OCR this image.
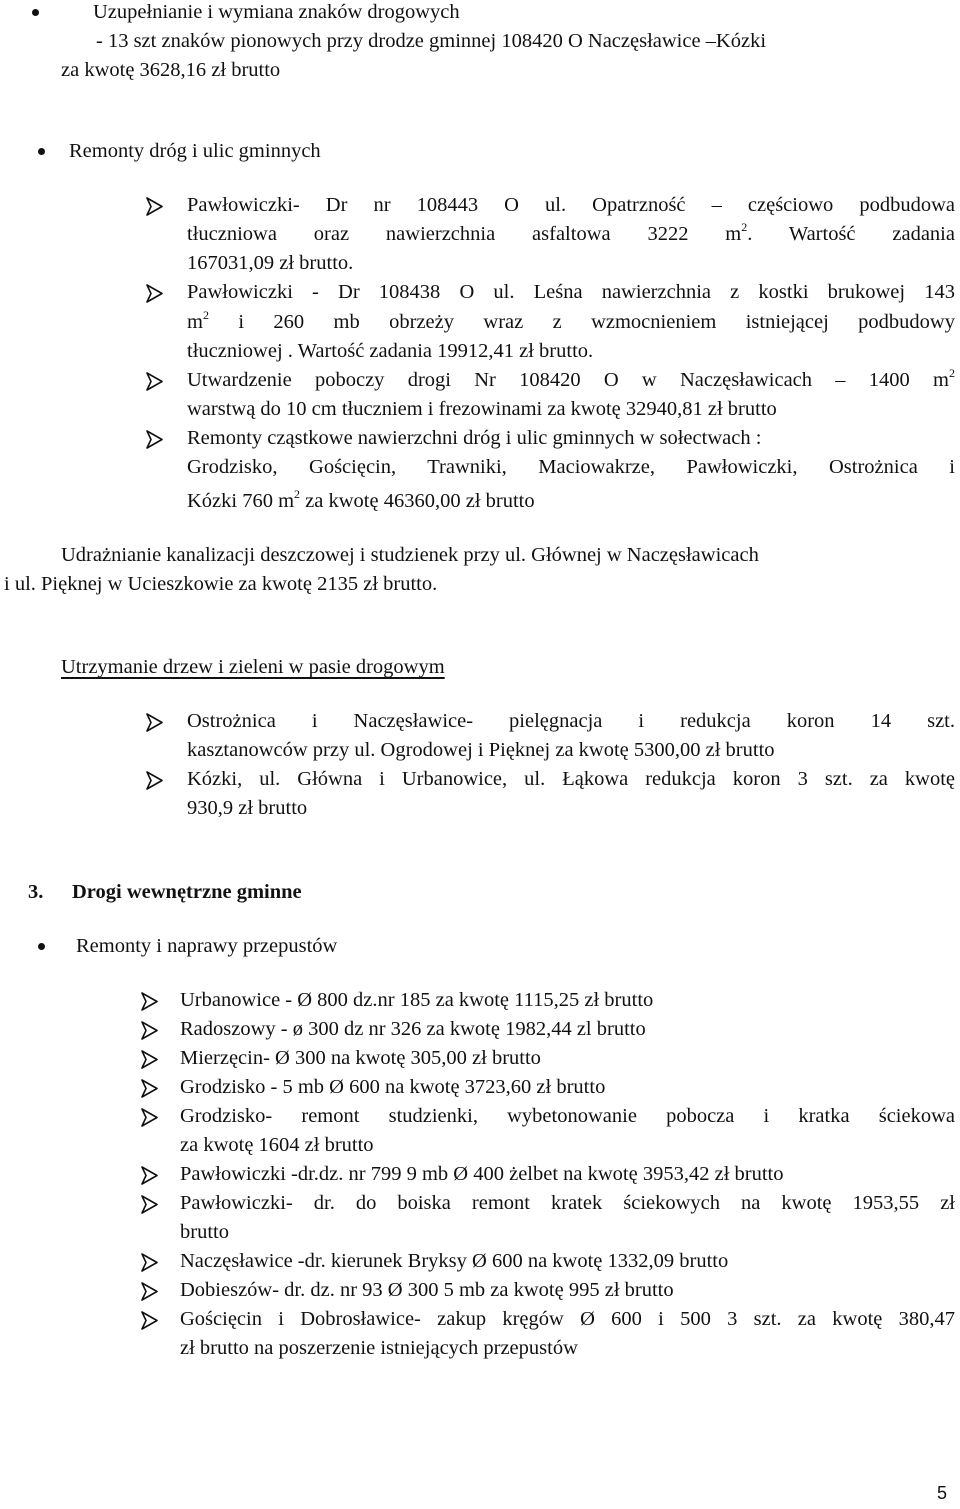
Uzupełnianie i wymiana znaków drogowych
- 13 szt znaków pionowych przy drodze gminnej 108420 O Naczęsławice –Kózki
za kwotę 3628,16 zł brutto
Remonty dróg i ulic gminnych
Pawłowiczki- Dr nr 108443 O ul. Opatrzność – częściowo podbudowa
tłuczniowa oraz nawierzchnia asfaltowa 3222 $m^2$. Wartość zadania
167031,09 zł brutto.
Pawłowiczki - Dr 108438 O ul. Leśna nawierzchnia z kostki brukowej 143
$m^2$ i 260 mb obrzeży wraz z wzmocnieniem istniejącej podbudowy
tłuczniowej . Wartość zadania 19912,41 zł brutto.
Utwardzenie poboczy drogi Nr 108420 O w Naczęsławicach – 1400 $m^2$
warstwą do 10 cm tłuczniem i frezowinami za kwotę 32940,81 zł brutto
Remonty cząstkowe nawierzchni dróg i ulic gminnych w sołectwach :
Grodzisko, Gościęcin, Trawniki, Maciowakrze, Pawłowiczki, Ostrożnica i
Kózki 760 $m^2$ za kwotę 46360,00 zł brutto
Udrażnianie kanalizacji deszczowej i studzienek przy ul. Głównej w Naczęsławicach
i ul. Pięknej w Ucieszkowie za kwotę 2135 zł brutto.
Utrzymanie drzew i zieleni w pasie drogowym
Ostrożnica i Naczęsławice- pielęgnacja i redukcja koron 14 szt.
kasztanowców przy ul. Ogrodowej i Pięknej za kwotę 5300,00 zł brutto
Kózki, ul. Główna i Urbanowice, ul. Łąkowa redukcja koron 3 szt. za kwotę
930,9 zł brutto
3. Drogi wewnętrzne gminne
Remonty i naprawy przepustów
Urbanowice - Ø 800 dz.nr 185 za kwotę 1115,25 zł brutto
Radoszowy - ø 300 dz nr 326 za kwotę 1982,44 zl brutto
Mierzęcin- Ø 300 na kwotę 305,00 zł brutto
Grodzisko - 5 mb Ø 600 na kwotę 3723,60 zł brutto
Grodzisko- remont studzienki, wybetonowanie pobocza i kratka ściekowa
za kwotę 1604 zł brutto
Pawłowiczki -dr.dz. nr 799 9 mb Ø 400 żelbet na kwotę 3953,42 zł brutto
Pawłowiczki- dr. do boiska remont kratek ściekowych na kwotę 1953,55 zł
brutto
Naczęsławice -dr. kierunek Bryksy Ø 600 na kwotę 1332,09 brutto
Dobieszów- dr. dz. nr 93 Ø 300 5 mb za kwotę 995 zł brutto
Gościęcin i Dobrosławice- zakup kręgów Ø 600 i 500 3 szt. za kwotę 380,47
zł brutto na poszerzenie istniejących przepustów
5
